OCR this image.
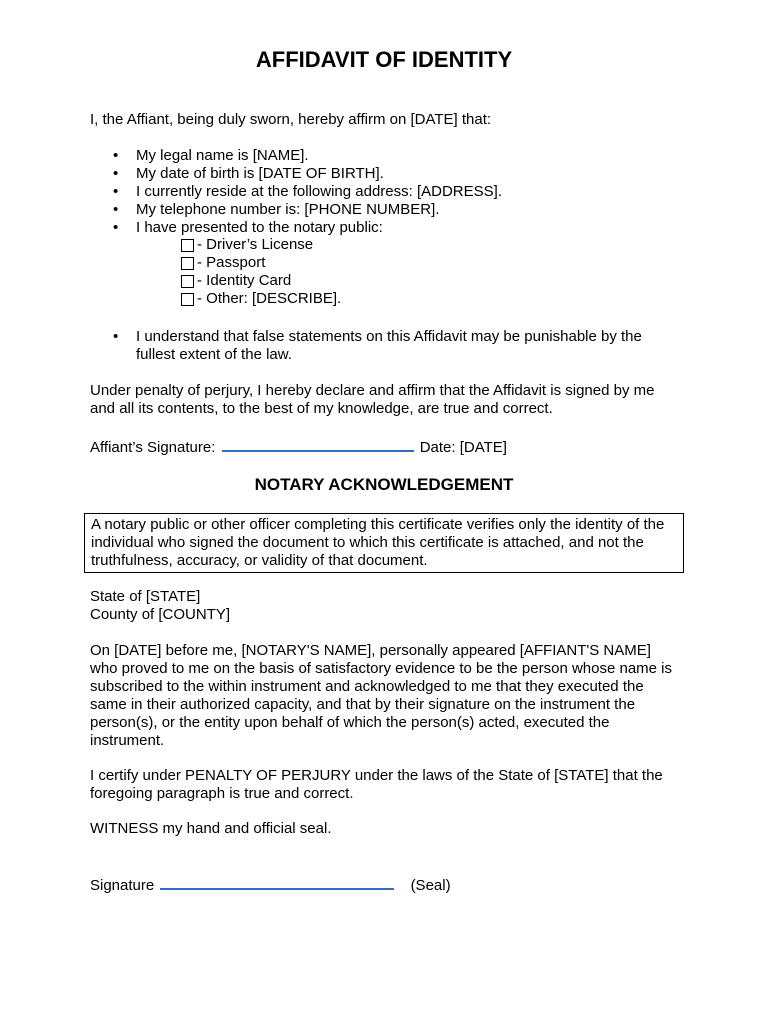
AFFIDAVIT OF IDENTITY
I, the Affiant, being duly sworn, hereby affirm on [DATE] that:
• My legal name is [NAME].
• My date of birth is [DATE OF BIRTH].
• I currently reside at the following address: [ADDRESS].
• My telephone number is: [PHONE NUMBER].
• I have presented to the notary public:
- Driver’s License
- Passport
- Identity Card
- Other: [DESCRIBE].
• I understand that false statements on this Affidavit may be punishable by the fullest extent of the law.
Under penalty of perjury, I hereby declare and affirm that the Affidavit is signed by me and all its contents, to the best of my knowledge, are true and correct.
Affiant’s Signature:	Date: [DATE]
NOTARY ACKNOWLEDGEMENT
A notary public or other officer completing this certificate verifies only the identity of the individual who signed the document to which this certificate is attached, and not the truthfulness, accuracy, or validity of that document.
State of [STATE]
County of [COUNTY]
On [DATE] before me, [NOTARY'S NAME], personally appeared [AFFIANT'S NAME] who proved to me on the basis of satisfactory evidence to be the person whose name is subscribed to the within instrument and acknowledged to me that they executed the same in their authorized capacity, and that by their signature on the instrument the person(s), or the entity upon behalf of which the person(s) acted, executed the instrument.
I certify under PENALTY OF PERJURY under the laws of the State of [STATE] that the foregoing paragraph is true and correct.
WITNESS my hand and official seal.
Signature	(Seal)
